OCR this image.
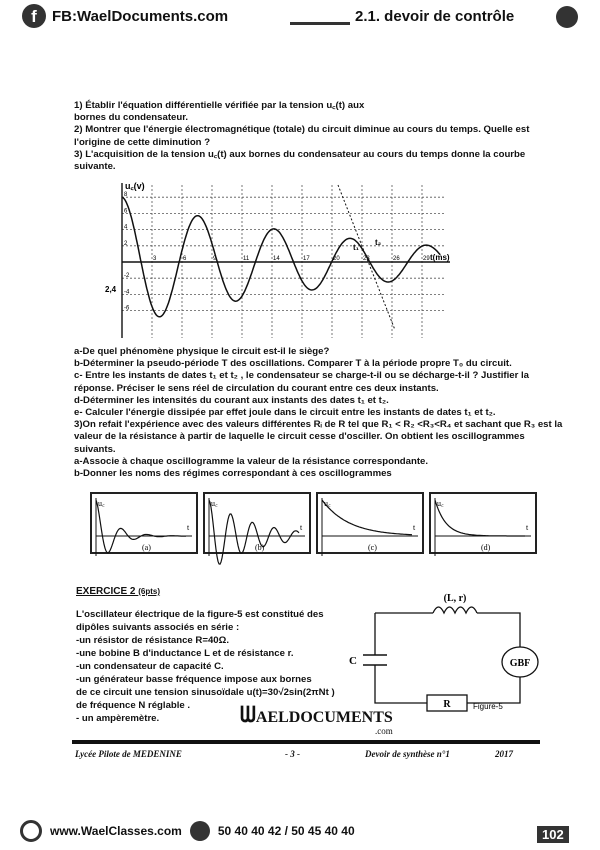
f	FB:WaelDocuments.com	2.1. devoir de contrôle

1) Établir l'équation différentielle vérifiée par la tension u꜀(t) aux

bornes du condensateur.

2) Montrer que l'énergie électromagnétique (totale) du circuit diminue au cours du temps. Quelle est

l'origine de cette diminution ?

3) L'acquisition de la tension u꜀(t) aux bornes du condensateur au cours du temps donne la courbe

suivante.

8
6
4
2
-2
-4
-6
3	6	9	11	14	17	20	23	26	29
u꜀(v)
t(ms)
2,4
t₁
t₂

a-De quel phénomène physique le circuit est-il le siège?

b-Déterminer la pseudo-période T des oscillations. Comparer T à la période propre T₀ du circuit.

c- Entre les instants de dates t₁ et t₂ , le condensateur se charge-t-il ou se décharge-t-il ? Justifier la

réponse. Préciser le sens réel de circulation du courant entre ces deux instants.

d-Déterminer les intensités du courant aux instants des dates t₁ et t₂.

e- Calculer l'énergie dissipée par effet joule dans le circuit entre les instants de dates t₁ et t₂.

3)On refait l'expérience avec des valeurs différentes Rᵢ de R tel que R₁ < R₂ <R₃<R₄ et sachant que R₃ est la

valeur de la résistance à partir de laquelle le circuit cesse d'osciller. On obtient les oscillogrammes

suivants.

a-Associe à chaque oscillogramme la valeur de la résistance correspondante.

b-Donner les noms des régimes correspondant à ces oscillogrammes

u꜀
t
(a)
u꜀
t
(b)
u꜀
t
(c)
u꜀
t
(d)
EXERCICE 2 (6pts)

L'oscillateur électrique de la figure-5 est constitué des

dipôles suivants associés en série :

-un résistor de résistance R=40Ω.

-une bobine B d'inductance L et de résistance r.

-un condensateur de capacité C.

-un générateur basse fréquence impose aux bornes

de ce circuit une tension sinusoïdale u(t)=30√2sin(2πNt )

de fréquence N réglable .

- un ampèremètre.

(L, r)
C	GBF
R	Figure-5
ᗯAELDOCUMENTS
.com
Lycée Pilote de MEDENINE	- 3 -	Devoir de synthèse n°1	2017
www.WaelClasses.com	50 40 40 42 / 50 45 40 40	102
